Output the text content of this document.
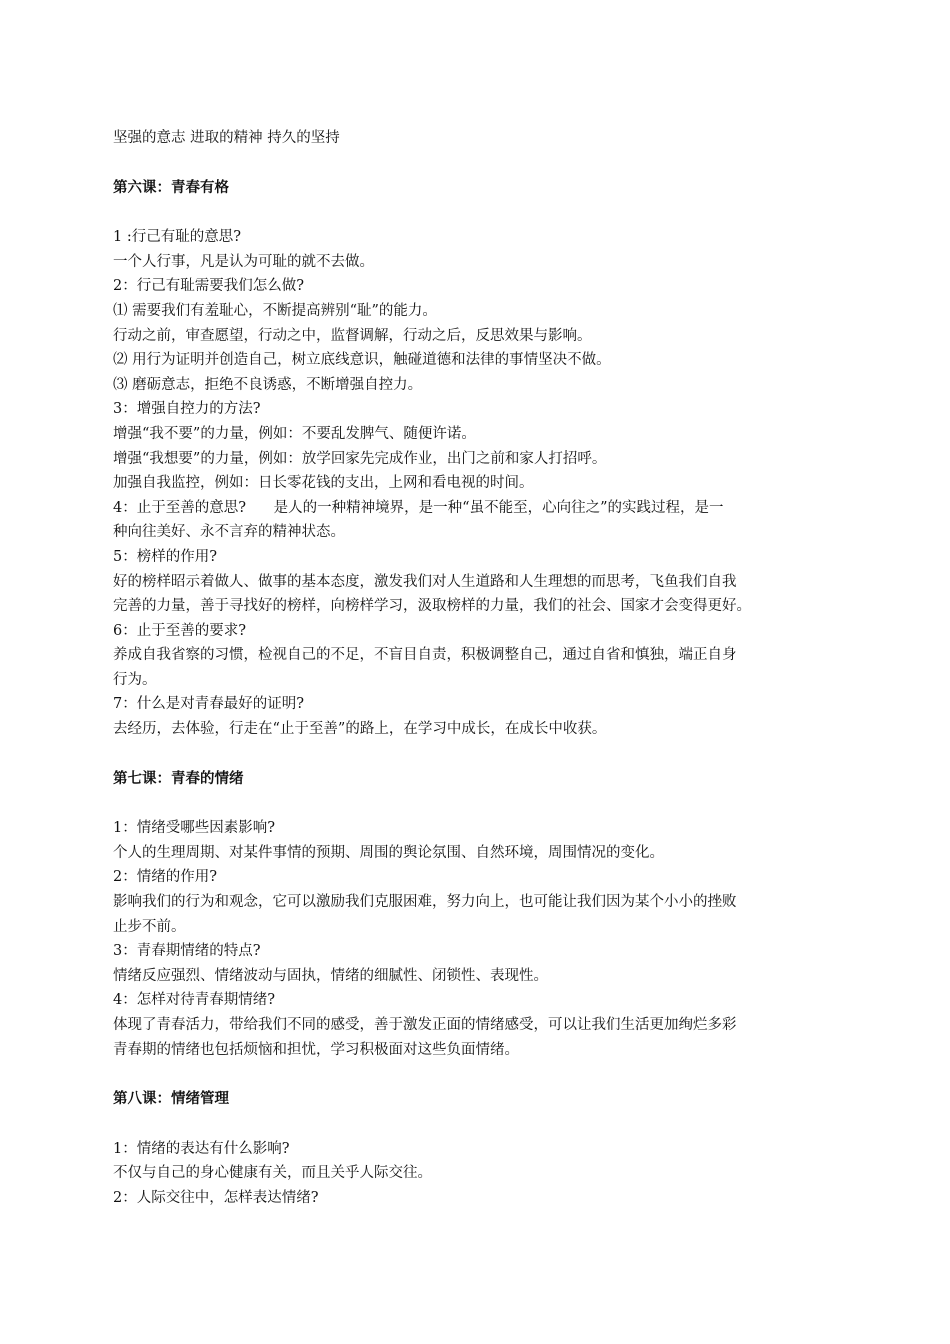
坚强的意志 进取的精神 持久的坚持

第六课：青春有格

1 :行己有耻的意思?

一个人行事，凡是认为可耻的就不去做。

2：行己有耻需要我们怎么做?

⑴ 需要我们有羞耻心，不断提高辨别“耻”的能力。

行动之前，审查愿望，行动之中，监督调解，行动之后，反思效果与影响。

⑵ 用行为证明并创造自己，树立底线意识，触碰道德和法律的事情坚决不做。

⑶ 磨砺意志，拒绝不良诱惑，不断增强自控力。

3：增强自控力的方法?

增强“我不要”的力量，例如：不要乱发脾气、随便许诺。

增强“我想要”的力量，例如：放学回家先完成作业，出门之前和家人打招呼。

加强自我监控，例如：日长零花钱的支出，上网和看电视的时间。

4：止于至善的意思?      是人的一种精神境界，是一种“虽不能至，心向往之”的实践过程，是一

种向往美好、永不言弃的精神状态。

5：榜样的作用?

好的榜样昭示着做人、做事的基本态度，激发我们对人生道路和人生理想的而思考，飞鱼我们自我

完善的力量，善于寻找好的榜样，向榜样学习，汲取榜样的力量，我们的社会、国家才会变得更好。

6：止于至善的要求?

养成自我省察的习惯，检视自己的不足，不盲目自责，积极调整自己，通过自省和慎独，端正自身

行为。

7：什么是对青春最好的证明?

去经历，去体验，行走在“止于至善”的路上，在学习中成长，在成长中收获。

第七课：青春的情绪

1：情绪受哪些因素影响?

个人的生理周期、对某件事情的预期、周围的舆论氛围、自然环境，周围情况的变化。

2：情绪的作用?

影响我们的行为和观念，它可以激励我们克服困难，努力向上，也可能让我们因为某个小小的挫败

止步不前。

3：青春期情绪的特点?

情绪反应强烈、情绪波动与固执，情绪的细腻性、闭锁性、表现性。

4：怎样对待青春期情绪?

体现了青春活力，带给我们不同的感受，善于激发正面的情绪感受，可以让我们生活更加绚烂多彩

青春期的情绪也包括烦恼和担忧，学习积极面对这些负面情绪。

第八课：情绪管理

1：情绪的表达有什么影响?

不仅与自己的身心健康有关，而且关乎人际交往。

2：人际交往中，怎样表达情绪?
